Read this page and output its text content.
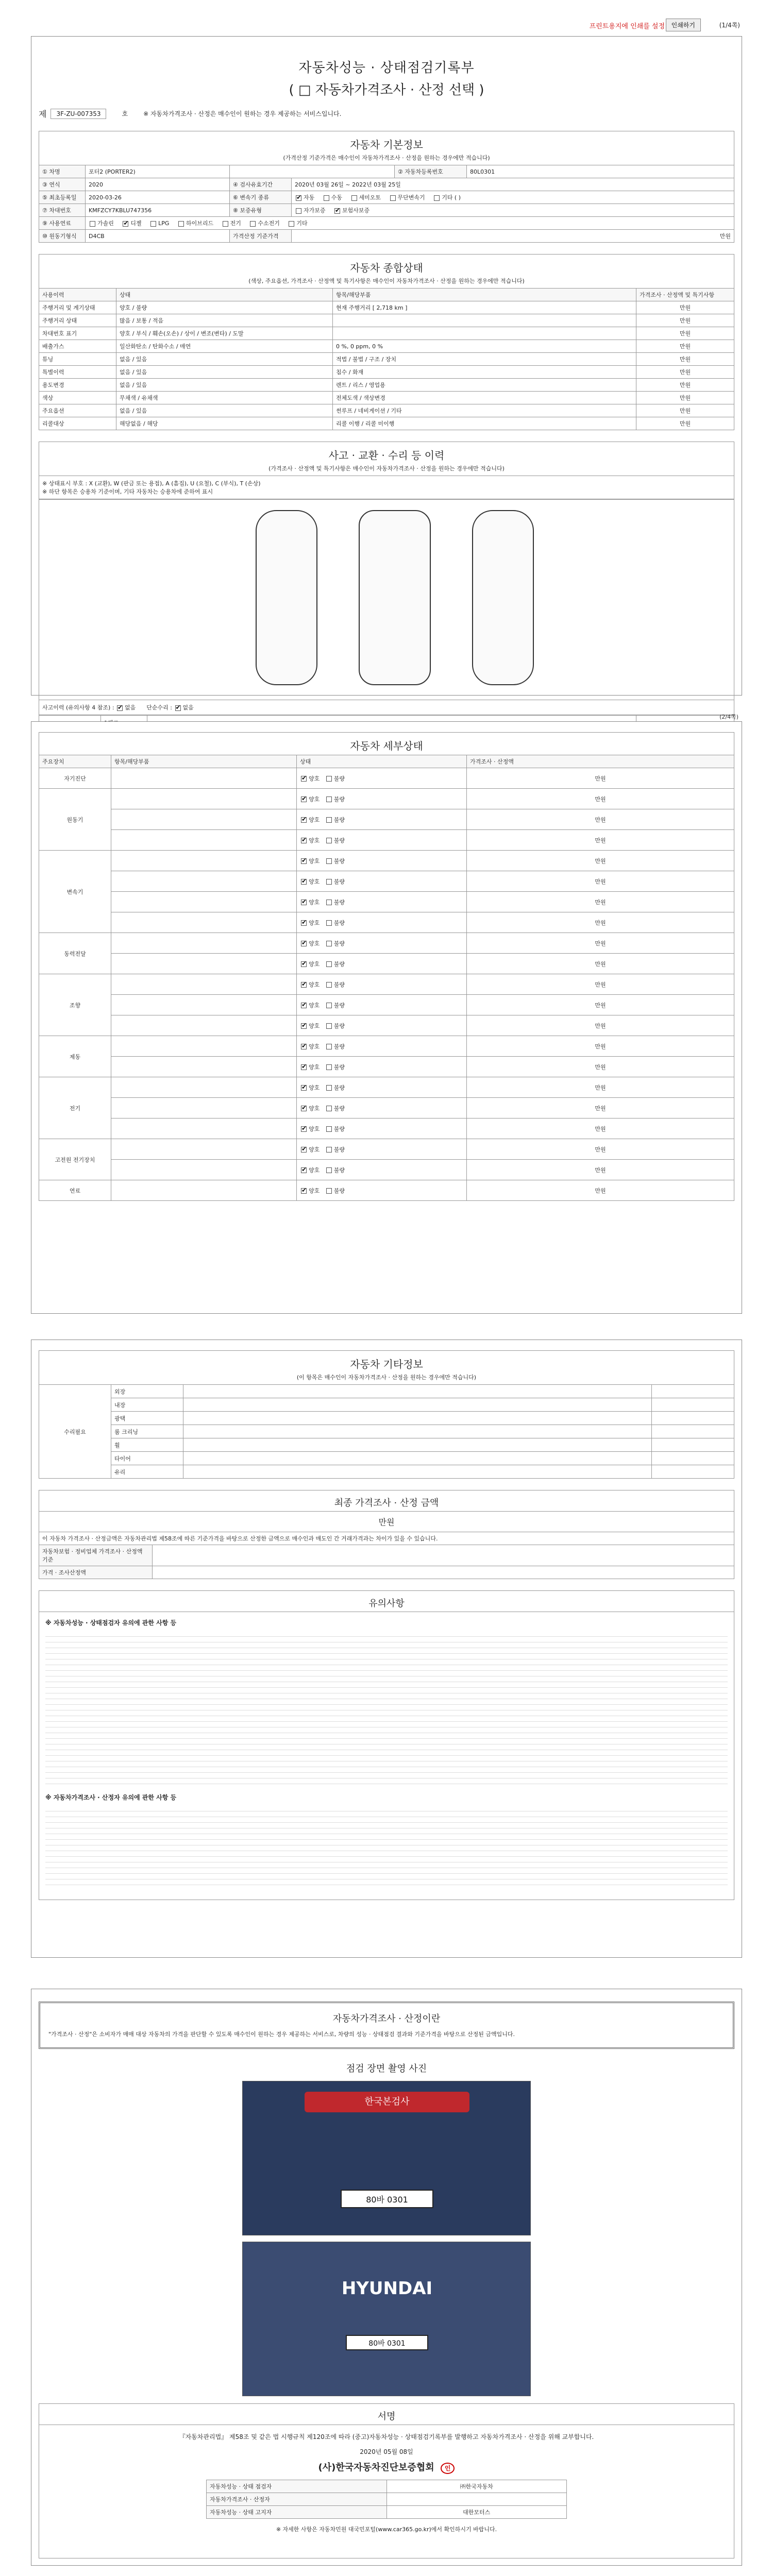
프린트용지에 인쇄를 설정	인쇄하기	(1/4쪽)
자동차성능 · 상태점검기록부
( □ 자동차가격조사 · 산정 선택 )
제	3F-ZU-007353	호	※ 자동차가격조사 · 산정은 매수인이 원하는 경우 제공하는 서비스입니다.
자동차 기본정보
(가격산정 기준가격은 매수인이 자동차가격조사 · 산정을 원하는 경우에만 적습니다)
① 차명	포터2 (PORTER2)			② 자동차등록번호	80L0301
③ 연식	2020	④ 검사유효기간	2020년 03월 26일 ~ 2022년 03월 25일		
⑤ 최초등록일	2020-03-26	⑥ 변속기 종류	✔자동 수동 세미오토 무단변속기 기타 ( )
⑦ 차대번호	KMFZCY7KBLU747356	⑧ 보증유형	자가보증 ✔ 보험사보증
⑨ 사용연료	가솔린 ✔ 디젤 LPG 하이브리드 전기 수소전기 기타
⑩ 원동기형식	D4CB	가격산정 기준가격	만원		
자동차 종합상태
(색상, 주요옵션, 가격조사 · 산정액 및 특기사항은 매수인이 자동차가격조사 · 산정을 원하는 경우에만 적습니다)
사용이력	상태	항목/해당부품	가격조사 · 산정액 및 특기사항
주행거리 및 계기상태	양호 / 불량	현재 주행거리 [ 2,718 km ]	만원
주행거리 상태	많음 / 보통 / 적음		만원
차대번호 표기	양호 / 부식 / 훼손(오손) / 상이 / 변조(변타) / 도말		만원
배출가스	일산화탄소 / 탄화수소 / 매연	0 %, 0 ppm, 0 %	만원
튜닝	없음 / 있음	적법 / 불법 / 구조 / 장치	만원
특별이력	없음 / 있음	침수 / 화재	만원
용도변경	없음 / 있음	렌트 / 리스 / 영업용	만원
색상	무채색 / 유채색	전체도색 / 색상변경	만원
주요옵션	없음 / 있음	썬루프 / 네비게이션 / 기타	만원
리콜대상	해당없음 / 해당	리콜 이행 / 리콜 미이행	만원
사고 · 교환 · 수리 등 이력
(가격조사 · 산정액 및 특기사항은 매수인이 자동차가격조사 · 산정을 원하는 경우에만 적습니다)
※ 상태표시 부호 : X (교환), W (판금 또는 용접), A (흠집), U (요철), C (부식), T (손상)
※ 하단 항목은 승용차 기준이며, 기타 자동차는 승용차에 준하여 표시
사고이력 (유의사항 4 참조) : ✔없음 단순수리 : ✔없음

(2/4쪽)
자동차 세부상태
주요장치	항목/해당부품	상태	가격조사 · 산정액
자기진단		✔양호 불량	만원
원동기		✔양호 불량	만원
	✔양호 불량	만원
	✔양호 불량	만원
변속기		✔양호 불량	만원
	✔양호 불량	만원
	✔양호 불량	만원
	✔양호 불량	만원
동력전달		✔양호 불량	만원
	✔양호 불량	만원
조향		✔양호 불량	만원
	✔양호 불량	만원
	✔양호 불량	만원
제동		✔양호 불량	만원
	✔양호 불량	만원
전기		✔양호 불량	만원
	✔양호 불량	만원
	✔양호 불량	만원
고전원 전기장치		✔양호 불량	만원
	✔양호 불량	만원
연료		✔양호 불량	만원
자동차 기타정보
(이 항목은 매수인이 자동차가격조사 · 산정을 원하는 경우에만 적습니다)
수리필요	외장		
	내장		
	광택		
	룸 크리닝		
	휠		
	타이어		
	유리		
최종 가격조사 · 산정 금액
만원	
이 자동차 가격조사 · 산정금액은 자동차관리법 제58조에 따른 기준가격을 바탕으로 산정한 금액으로 매수인과 매도인 간 거래가격과는 차이가 있을 수 있습니다.	
자동차보험 · 정비업체 가격조사 · 산정액 기준	
가격 · 조사산정액	
유의사항
※ 자동차성능 · 상태점검자 유의에 관한 사항 등
※ 자동차가격조사 · 산정자 유의에 관한 사항 등
자동차가격조사 · 산정이란
"가격조사 · 산정"은 소비자가 매매 대상 자동차의 가격을 판단할 수 있도록 매수인이 원하는 경우 제공하는 서비스로, 차량의 성능 · 상태점검 결과와 기준가격을 바탕으로 산정된 금액입니다.
점검 장면 촬영 사진
한국본검사
80바 0301
HYUNDAI
80바 0301
서명
『자동차관리법』 제58조 및 같은 법 시행규칙 제120조에 따라 (중고)자동차성능 · 상태점검기록부를 발행하고 자동차가격조사 · 산정을 위해 교부합니다.
2020년 05월 08일
(사)한국자동차진단보증협회 인
자동차성능 · 상태 점검자	㈜한국자동차
자동차가격조사 · 산정자	
자동차성능 · 상태 고지자	대한모터스
※ 자세한 사항은 자동차민원 대국민포털(www.car365.go.kr)에서 확인하시기 바랍니다.
